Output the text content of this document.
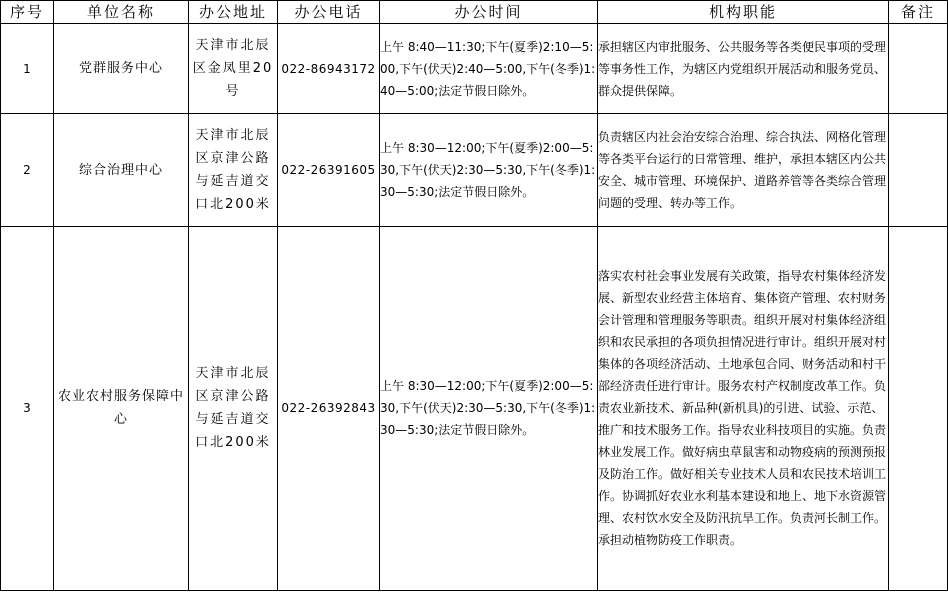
序号	单位名称	办公地址	办公电话	办公时间	机构职能	备注
1	党群服务中心	天津市北辰区金凤里20号	022-86943172	上午 8:40—11:30;下午(夏季)2:10—5:00,下午(伏天)2:40—5:00,下午(冬季)1:40—5:00;法定节假日除外。	承担辖区内审批服务、公共服务等各类便民事项的受理等事务性工作，为辖区内党组织开展活动和服务党员、群众提供保障。	
2	综合治理中心	天津市北辰区京津公路与延吉道交口北200米	022-26391605	上午 8:30—12:00;下午(夏季)2:00—5:30,下午(伏天)2:30—5:30,下午(冬季)1:30—5:30;法定节假日除外。	负责辖区内社会治安综合治理、综合执法、网格化管理等各类平台运行的日常管理、维护，承担本辖区内公共安全、城市管理、环境保护、道路养管等各类综合管理问题的受理、转办等工作。	
3	农业农村服务保障中心	天津市北辰区京津公路与延吉道交口北200米	022-26392843	上午 8:30—12:00;下午(夏季)2:00—5:30,下午(伏天)2:30—5:30,下午(冬季)1:30—5:30;法定节假日除外。	落实农村社会事业发展有关政策，指导农村集体经济发展、新型农业经营主体培育、集体资产管理、农村财务会计管理和管理服务等职责。组织开展对村集体经济组织和农民承担的各项负担情况进行审计。组织开展对村集体的各项经济活动、土地承包合同、财务活动和村干部经济责任进行审计。服务农村产权制度改革工作。负责农业新技术、新品种(新机具)的引进、试验、示范、推广和技术服务工作。指导农业科技项目的实施。负责林业发展工作。做好病虫草鼠害和动物疫病的预测预报及防治工作。做好相关专业技术人员和农民技术培训工作。协调抓好农业水利基本建设和地上、地下水资源管理、农村饮水安全及防汛抗旱工作。负责河长制工作。承担动植物防疫工作职责。	
